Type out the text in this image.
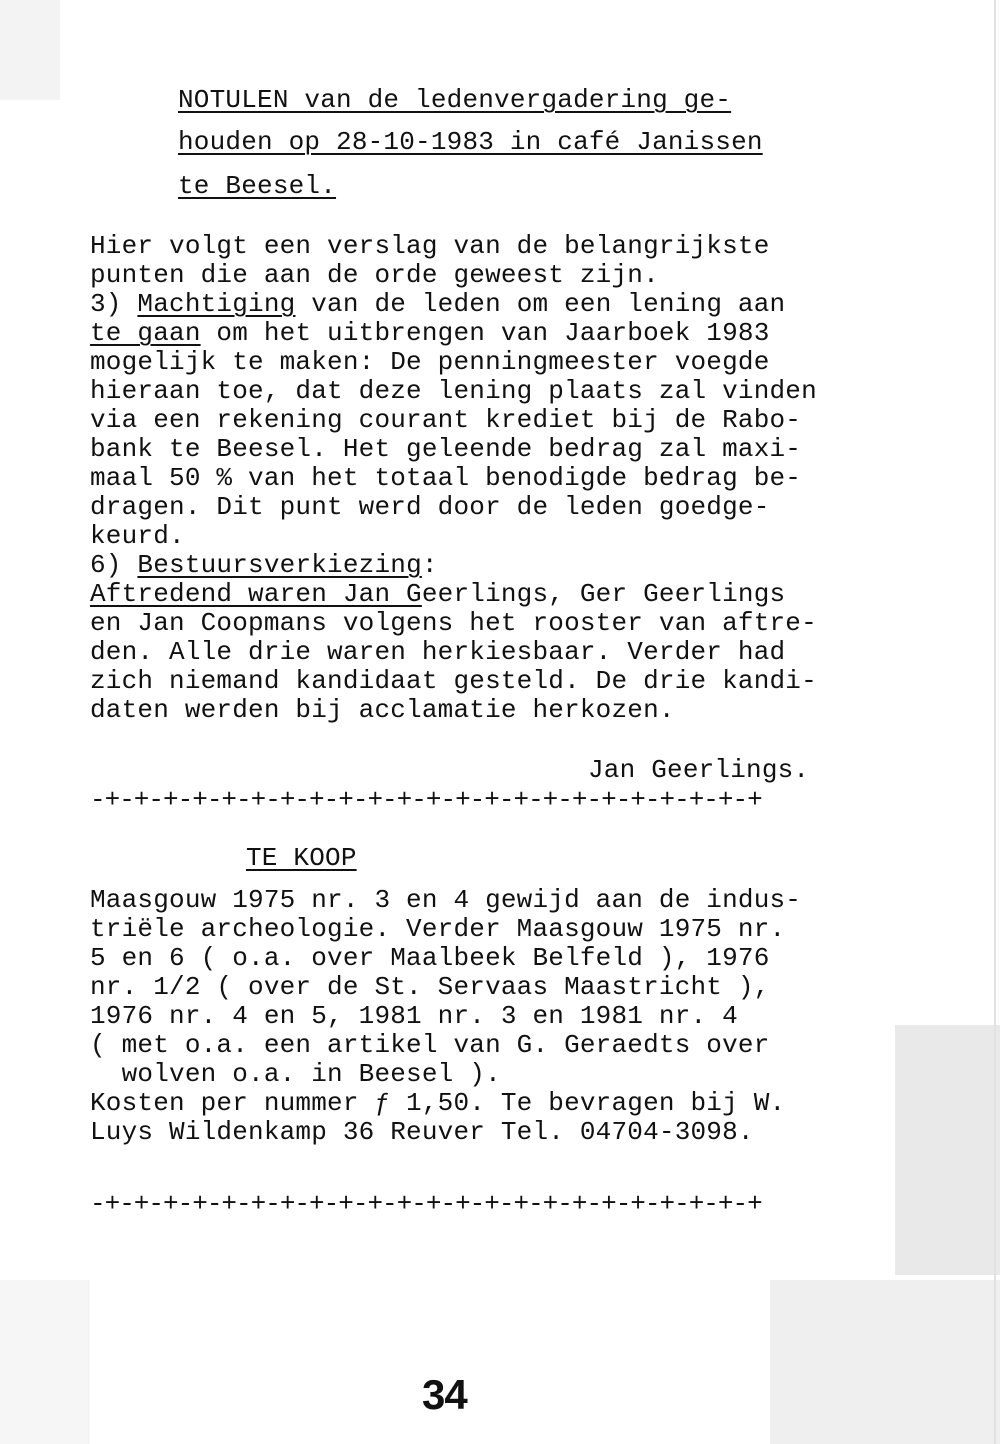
NOTULEN van de ledenvergadering ge-
houden op 28-10-1983 in café Janissen
te Beesel.
Hier volgt een verslag van de belangrijkste
punten die aan de orde geweest zijn.
3) Machtiging van de leden om een lening aan
te gaan om het uitbrengen van Jaarboek 1983
mogelijk te maken: De penningmeester voegde
hieraan toe, dat deze lening plaats zal vinden
via een rekening courant krediet bij de Rabo-
bank te Beesel. Het geleende bedrag zal maxi-
maal 50 % van het totaal benodigde bedrag be-
dragen. Dit punt werd door de leden goedge-
keurd.
6) Bestuursverkiezing:
Aftredend waren Jan Geerlings, Ger Geerlings
en Jan Coopmans volgens het rooster van aftre-
den. Alle drie waren herkiesbaar. Verder had
zich niemand kandidaat gesteld. De drie kandi-
daten werden bij acclamatie herkozen.
Jan Geerlings.
-+-+-+-+-+-+-+-+-+-+-+-+-+-+-+-+-+-+-+-+-+-+-+
TE KOOP
Maasgouw 1975 nr. 3 en 4 gewijd aan de indus-
triële archeologie. Verder Maasgouw 1975 nr.
5 en 6 ( o.a. over Maalbeek Belfeld ), 1976
nr. 1/2 ( over de St. Servaas Maastricht ),
1976 nr. 4 en 5, 1981 nr. 3 en 1981 nr. 4
( met o.a. een artikel van G. Geraedts over
wolven o.a. in Beesel ).
Kosten per nummer ƒ 1,50. Te bevragen bij W.
Luys Wildenkamp 36 Reuver Tel. 04704-3098.
-+-+-+-+-+-+-+-+-+-+-+-+-+-+-+-+-+-+-+-+-+-+-+
34
